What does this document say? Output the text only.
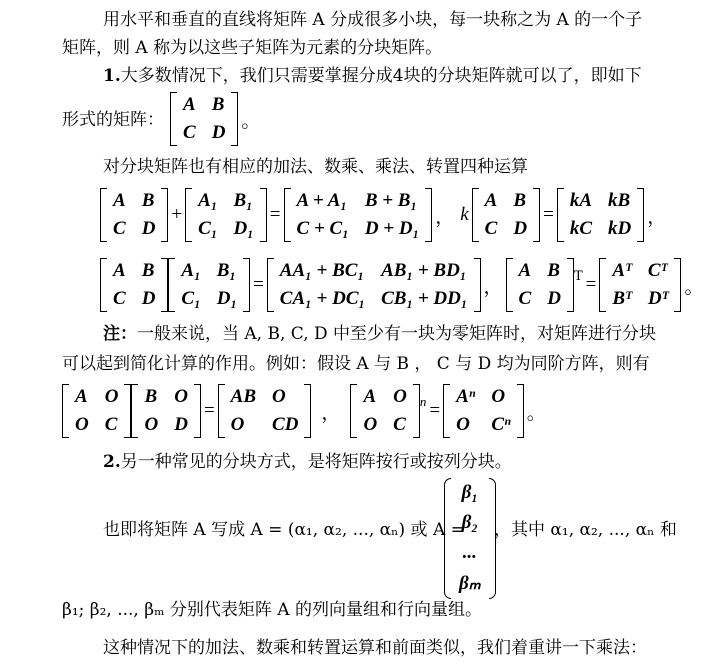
用水平和垂直的直线将矩阵 A 分成很多小块，每一块称之为 A 的一个子
矩阵，则 A 称为以这些子矩阵为元素的分块矩阵。
1.大多数情况下，我们只需要掌握分成4块的分块矩阵就可以了，即如下
形式的矩阵：
A B
C D
。
对分块矩阵也有相应的加法、数乘、乘法、转置四种运算
A B
C D
+
A₁ B₁
C₁ D₁
=
A + A₁ B + B₁
C + C₁ D + D₁
， k
A B
C D
=
kA kB
kC kD
，
A B
C D
A₁ B₁
C₁ D₁
=
AA₁ + BC₁ AB₁ + BD₁
CA₁ + DC₁ CB₁ + DD₁
，
A B
C D
$^T$ =
Aᵀ Cᵀ
Bᵀ Dᵀ
。
注：一般来说，当 A, B, C, D 中至少有一块为零矩阵时，对矩阵进行分块
可以起到简化计算的作用。例如：假设 A 与 B ， C 与 D 均为同阶方阵，则有
A O
O C
B O
O D
=
AB O
O	CD
，
A O
O C
$^n$ =
Aⁿ O
O Cⁿ
。
2.另一种常见的分块方式，是将矩阵按行或按列分块。
也即将矩阵 A 写成 A = (α₁, α₂, ..., αₙ) 或 A =
β₁
β₂
...
βₘ
，其中 α₁, α₂, ..., αₙ 和
β₁; β₂, ..., βₘ 分别代表矩阵 A 的列向量组和行向量组。
这种情况下的加法、数乘和转置运算和前面类似，我们着重讲一下乘法：
